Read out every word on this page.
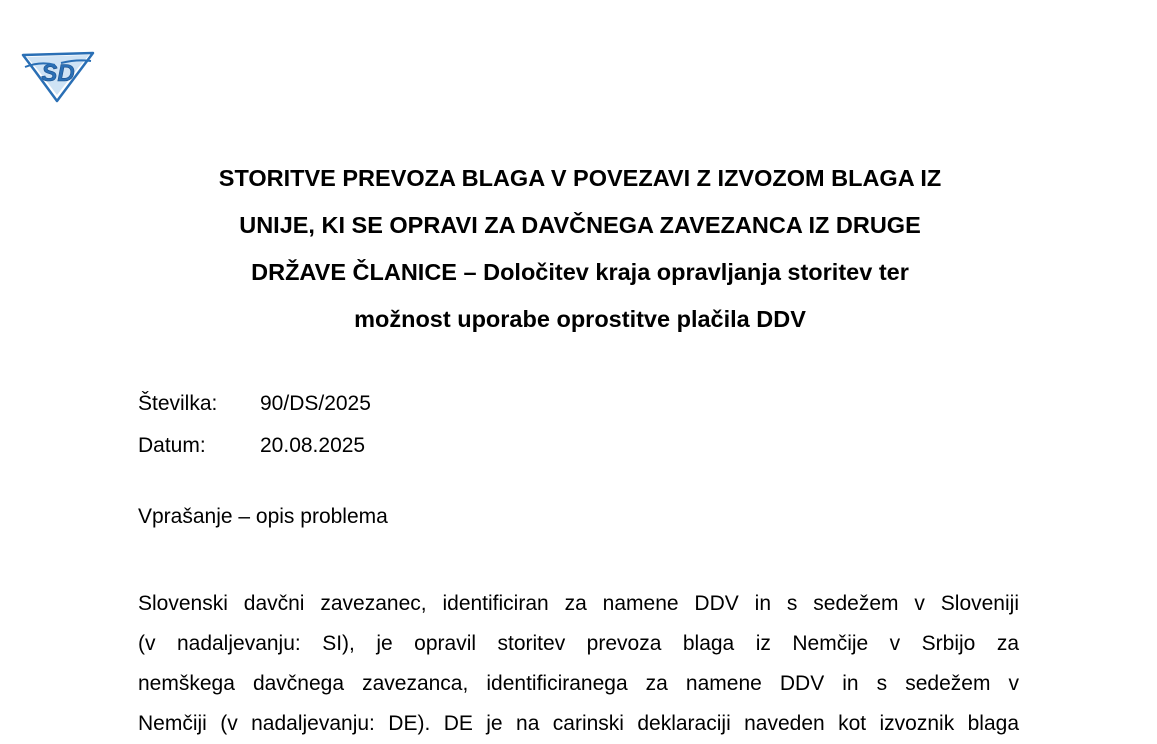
SD
STORITVE PREVOZA BLAGA V POVEZAVI Z IZVOZOM BLAGA IZ
UNIJE, KI SE OPRAVI ZA DAVČNEGA ZAVEZANCA IZ DRUGE
DRŽAVE ČLANICE – Določitev kraja opravljanja storitev ter
možnost uporabe oprostitve plačila DDV
Številka:	90/DS/2025
Datum:	20.08.2025
Vprašanje – opis problema
Slovenski davčni zavezanec, identificiran za namene DDV in s sedežem v Sloveniji
(v nadaljevanju: SI), je opravil storitev prevoza blaga iz Nemčije v Srbijo za
nemškega davčnega zavezanca, identificiranega za namene DDV in s sedežem v
Nemčiji (v nadaljevanju: DE). DE je na carinski deklaraciji naveden kot izvoznik blaga
